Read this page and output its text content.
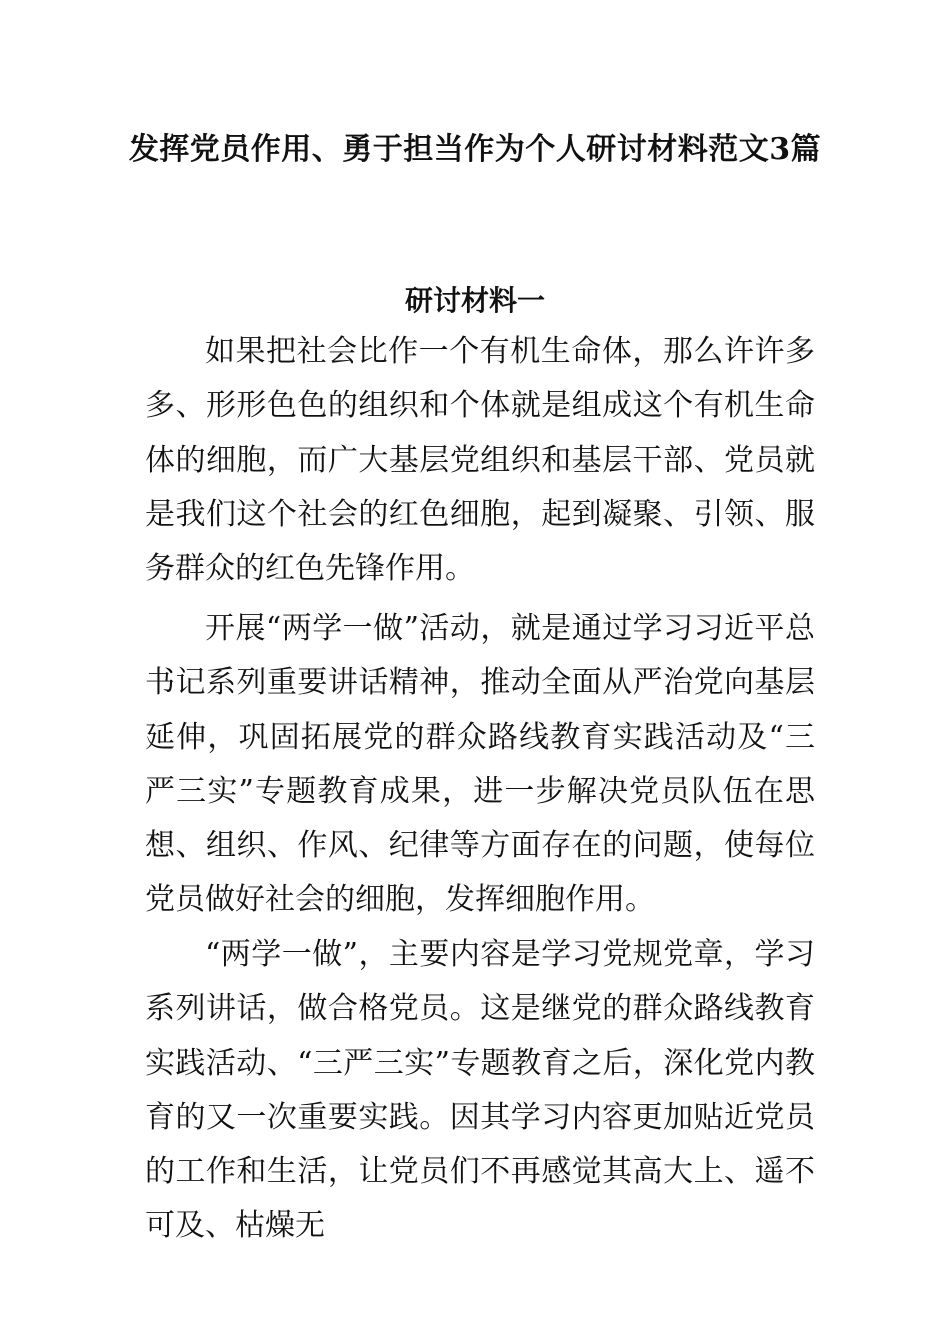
发挥党员作用、勇于担当作为个人研讨材料范文3篇
研讨材料一

如果把社会比作一个有机生命体，那么许许多多、形形色色的组织和个体就是组成这个有机生命体的细胞，而广大基层党组织和基层干部、党员就是我们这个社会的红色细胞，起到凝聚、引领、服务群众的红色先锋作用。

开展“两学一做”活动，就是通过学习习近平总书记系列重要讲话精神，推动全面从严治党向基层延伸，巩固拓展党的群众路线教育实践活动及“三严三实”专题教育成果，进一步解决党员队伍在思想、组织、作风、纪律等方面存在的问题，使每位党员做好社会的细胞，发挥细胞作用。

“两学一做”，主要内容是学习党规党章，学习系列讲话，做合格党员。这是继党的群众路线教育实践活动、“三严三实”专题教育之后，深化党内教育的又一次重要实践。因其学习内容更加贴近党员的工作和生活，让党员们不再感觉其高大上、遥不可及、枯燥无
